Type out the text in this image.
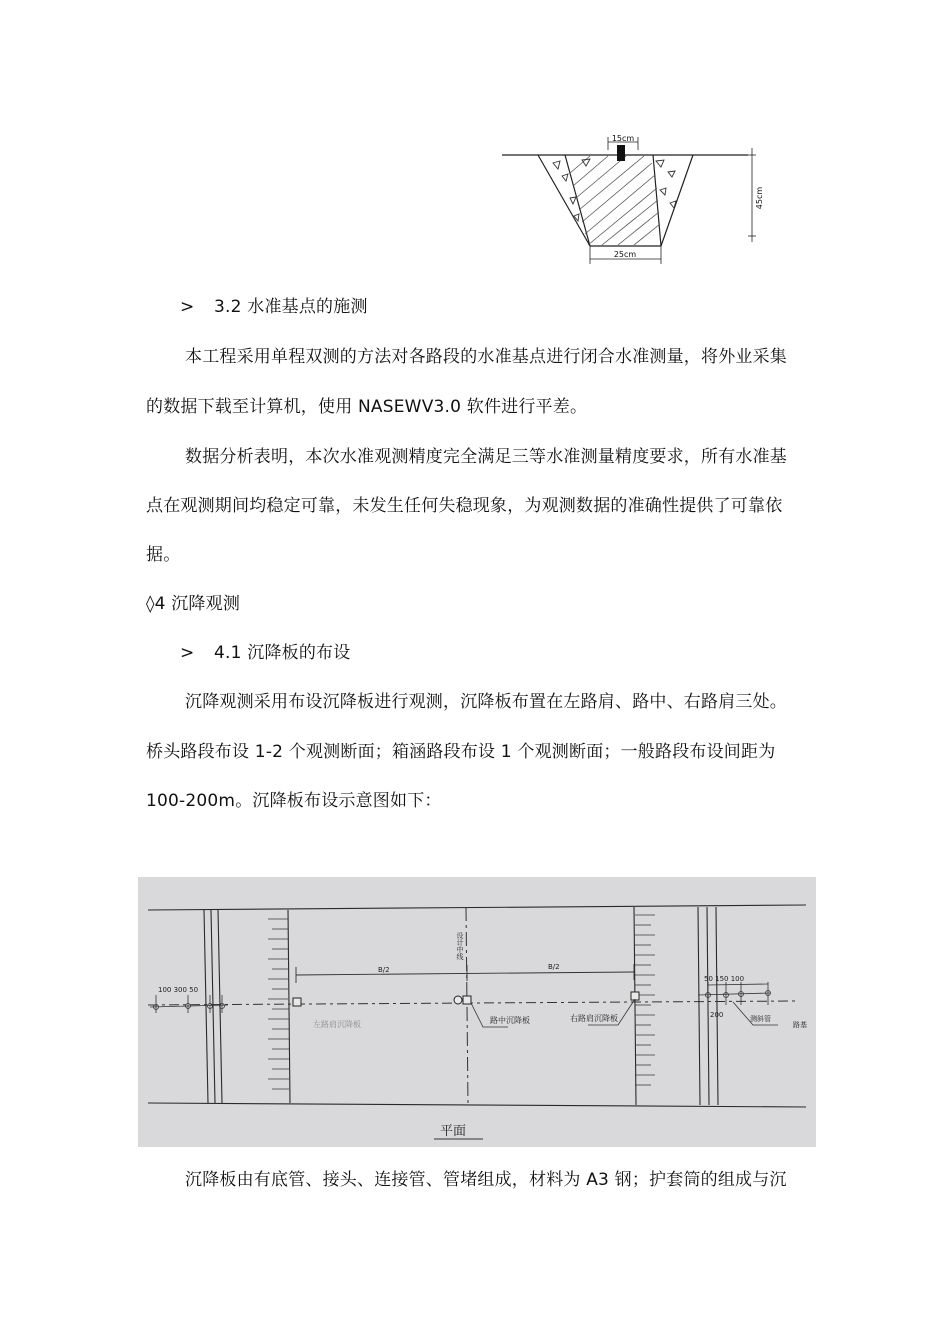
15cm
45cm
25cm
> 3.2 水准基点的施测
本工程采用单程双测的方法对各路段的水准基点进行闭合水准测量，将外业采集
的数据下载至计算机，使用 NASEWV3.0 软件进行平差。
数据分析表明，本次水准观测精度完全满足三等水准测量精度要求，所有水准基
点在观测期间均稳定可靠，未发生任何失稳现象，为观测数据的准确性提供了可靠依
据。
◊4 沉降观测
> 4.1 沉降板的布设
沉降观测采用布设沉降板进行观测，沉降板布置在左路肩、路中、右路肩三处。
桥头路段布设 1-2 个观测断面；箱涵路段布设 1 个观测断面；一般路段布设间距为
100-200m。沉降板布设示意图如下：
设计中线
B/2	B/2
路中沉降板	右路肩沉降板
100 300 50
50 150 100
200	测斜管
路基
左路肩沉降板
平面
沉降板由有底管、接头、连接管、管堵组成，材料为 A3 钢；护套筒的组成与沉
